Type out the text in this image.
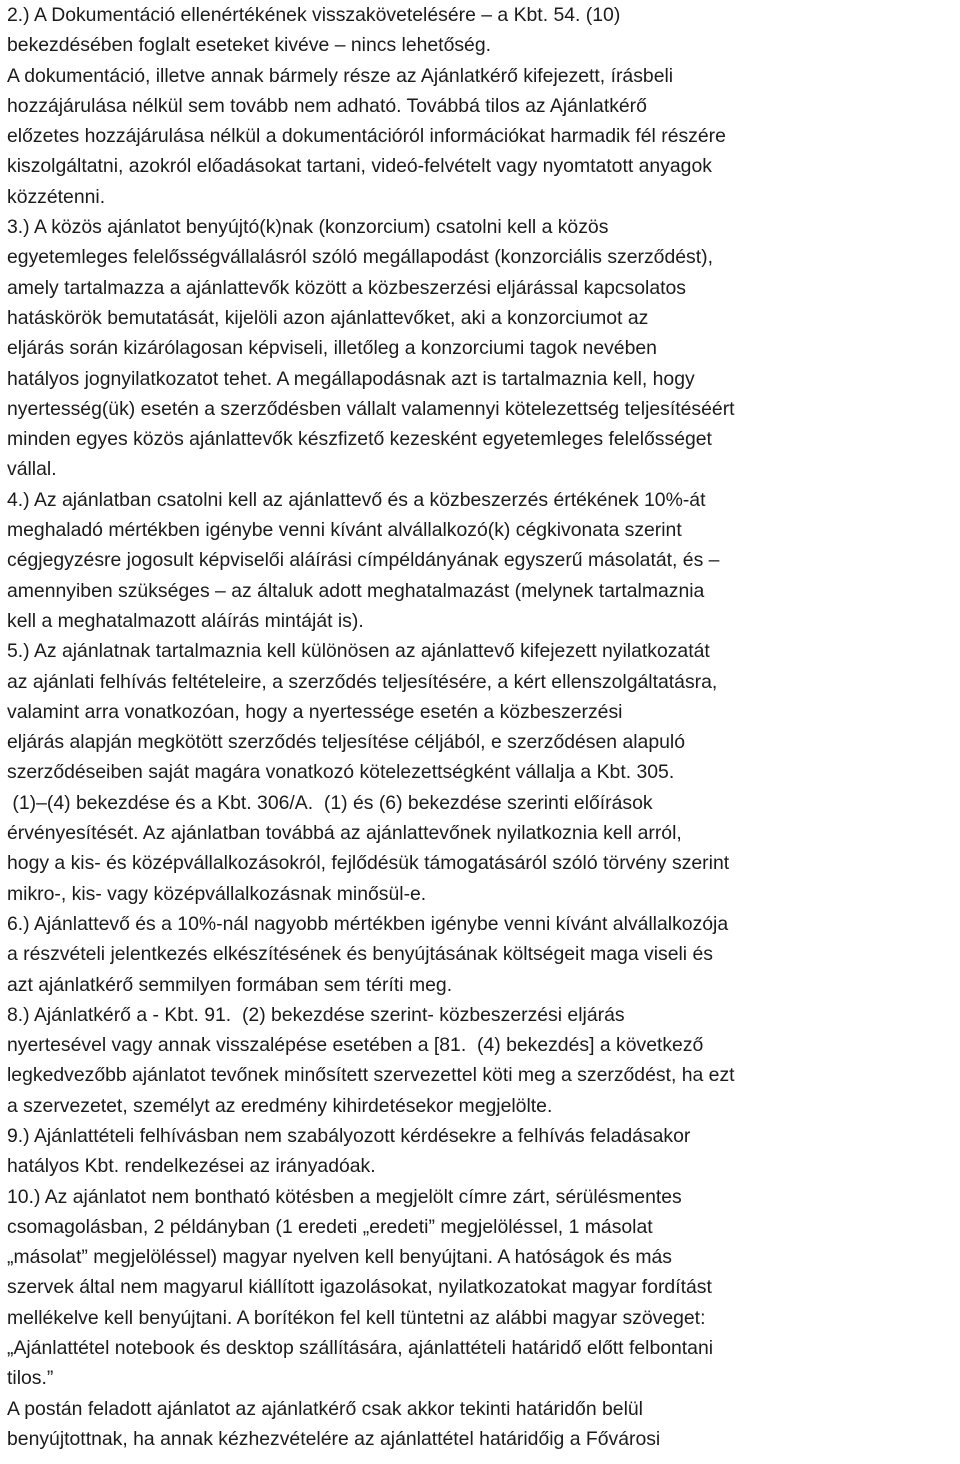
2.) A Dokumentáció ellenértékének visszakövetelésére – a Kbt. 54. (10)
bekezdésében foglalt eseteket kivéve – nincs lehetőség.
A dokumentáció, illetve annak bármely része az Ajánlatkérő kifejezett, írásbeli
hozzájárulása nélkül sem tovább nem adható. Továbbá tilos az Ajánlatkérő
előzetes hozzájárulása nélkül a dokumentációról információkat harmadik fél részére
kiszolgáltatni, azokról előadásokat tartani, videó-felvételt vagy nyomtatott anyagok
közzétenni.
3.) A közös ajánlatot benyújtó(k)nak (konzorcium) csatolni kell a közös
egyetemleges felelősségvállalásról szóló megállapodást (konzorciális szerződést),
amely tartalmazza a ajánlattevők között a közbeszerzési eljárással kapcsolatos
hatáskörök bemutatását, kijelöli azon ajánlattevőket, aki a konzorciumot az
eljárás során kizárólagosan képviseli, illetőleg a konzorciumi tagok nevében
hatályos jognyilatkozatot tehet. A megállapodásnak azt is tartalmaznia kell, hogy
nyertesség(ük) esetén a szerződésben vállalt valamennyi kötelezettség teljesítéséért
minden egyes közös ajánlattevők készfizető kezesként egyetemleges felelősséget
vállal.
4.) Az ajánlatban csatolni kell az ajánlattevő és a közbeszerzés értékének 10%-át
meghaladó mértékben igénybe venni kívánt alvállalkozó(k) cégkivonata szerint
cégjegyzésre jogosult képviselői aláírási címpéldányának egyszerű másolatát, és –
amennyiben szükséges – az általuk adott meghatalmazást (melynek tartalmaznia
kell a meghatalmazott aláírás mintáját is).
5.) Az ajánlatnak tartalmaznia kell különösen az ajánlattevő kifejezett nyilatkozatát
az ajánlati felhívás feltételeire, a szerződés teljesítésére, a kért ellenszolgáltatásra,
valamint arra vonatkozóan, hogy a nyertessége esetén a közbeszerzési
eljárás alapján megkötött szerződés teljesítése céljából, e szerződésen alapuló
szerződéseiben saját magára vonatkozó kötelezettségként vállalja a Kbt. 305.
(1)–(4) bekezdése és a Kbt. 306/A.  (1) és (6) bekezdése szerinti előírások
érvényesítését. Az ajánlatban továbbá az ajánlattevőnek nyilatkoznia kell arról,
hogy a kis- és középvállalkozásokról, fejlődésük támogatásáról szóló törvény szerint
mikro-, kis- vagy középvállalkozásnak minősül-e.
6.) Ajánlattevő és a 10%-nál nagyobb mértékben igénybe venni kívánt alvállalkozója
a részvételi jelentkezés elkészítésének és benyújtásának költségeit maga viseli és
azt ajánlatkérő semmilyen formában sem téríti meg.
8.) Ajánlatkérő a - Kbt. 91.  (2) bekezdése szerint- közbeszerzési eljárás
nyertesével vagy annak visszalépése esetében a [81.  (4) bekezdés] a következő
legkedvezőbb ajánlatot tevőnek minősített szervezettel köti meg a szerződést, ha ezt
a szervezetet, személyt az eredmény kihirdetésekor megjelölte.
9.) Ajánlattételi felhívásban nem szabályozott kérdésekre a felhívás feladásakor
hatályos Kbt. rendelkezései az irányadóak.
10.) Az ajánlatot nem bontható kötésben a megjelölt címre zárt, sérülésmentes
csomagolásban, 2 példányban (1 eredeti „eredeti” megjelöléssel, 1 másolat
„másolat” megjelöléssel) magyar nyelven kell benyújtani. A hatóságok és más
szervek által nem magyarul kiállított igazolásokat, nyilatkozatokat magyar fordítást
mellékelve kell benyújtani. A borítékon fel kell tüntetni az alábbi magyar szöveget:
„Ajánlattétel notebook és desktop szállítására, ajánlattételi határidő előtt felbontani
tilos.”
A postán feladott ajánlatot az ajánlatkérő csak akkor tekinti határidőn belül
benyújtottnak, ha annak kézhezvételére az ajánlattétel határidőig a Fővárosi
